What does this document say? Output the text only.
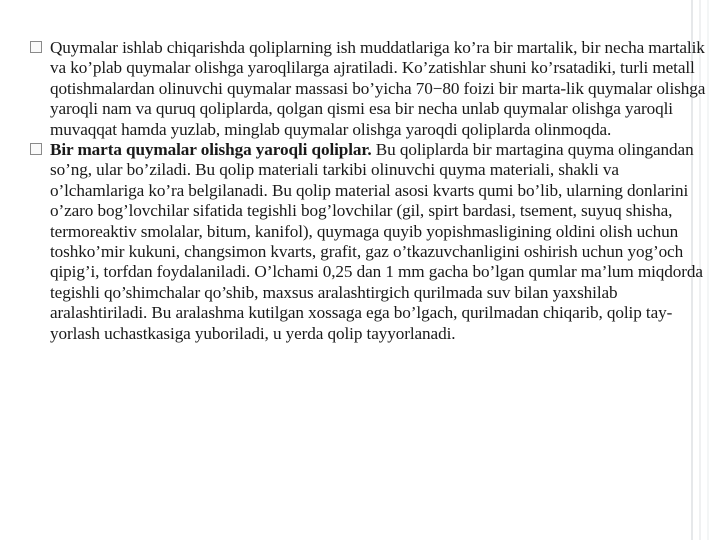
Quymalar ishlab chiqarishda qoliplarning ish muddatlariga ko’ra bir martalik, bir necha martalik va ko’plab quymalar olishga yaroqlilarga ajratiladi. Ko’zatishlar shuni ko’rsatadiki, turli metall qotishmalardan olinuvchi quymalar massasi bo’yicha 70−80 foizi bir marta-lik quymalar olishga yaroqli nam va quruq qoliplarda, qolgan qismi esa bir necha unlab quymalar olishga yaroqli muvaqqat hamda yuzlab, minglab quymalar olishga yaroqdi qoliplarda olinmoqda.

Bir marta quymalar olishga yaroqli qoliplar. Bu qoliplarda bir martagina quyma olingandan so’ng, ular bo’ziladi. Bu qolip materiali tarkibi olinuvchi quyma materiali, shakli va o’lchamlariga ko’ra belgilanadi. Bu qolip material asosi kvarts qumi bo’lib, ularning donlarini o’zaro bog’lovchilar sifatida tegishli bog’lovchilar (gil, spirt bardasi, tsement, suyuq shisha, termoreaktiv smolalar, bitum, kanifol), quymaga quyib yopishmasligining oldini olish uchun toshko’mir kukuni, changsimon kvarts, grafit, gaz o’tkazuvchanligini oshirish uchun yog’och qipig’i, torfdan foydalaniladi. O’lchami 0,25 dan 1 mm gacha bo’lgan qumlar ma’lum miqdorda tegishli qo’shimchalar qo’shib, maxsus aralashtirgich qurilmada suv bilan yaxshilab aralashtiriladi. Bu aralashma kutilgan xossaga ega bo’lgach, qurilmadan chiqarib, qolip tay-yorlash uchastkasiga yuboriladi, u yerda qolip tayyorlanadi.
